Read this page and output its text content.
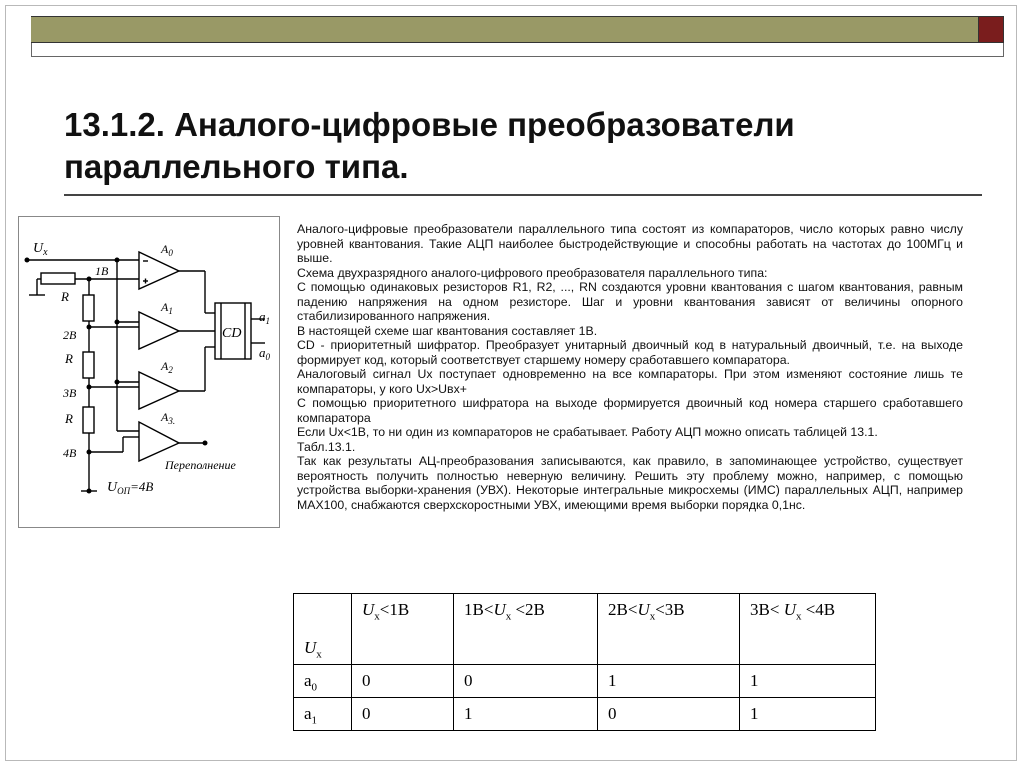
13.1.2. Аналого-цифровые преобразователи
параллельного типа.
$U_x$
1В
R
2В
R
3В
R
4В
$A_0$
$A_1$
$A_2$
$A_{3.}$
CD
$a_1$
$a_0$
Переполнение
$U_{ОП}=4В$

Аналого-цифровые преобразователи параллельного типа состоят из компараторов, число которых равно числу уровней квантования. Такие АЦП наиболее быстродействующие и способны работать на частотах до 100МГц и выше.

Схема двухразрядного аналого-цифрового преобразователя параллельного типа:

С помощью одинаковых резисторов R1, R2, ..., RN создаются уровни квантования с шагом квантования, равным падению напряжения на одном резисторе. Шаг и уровни квантования зависят от величины опорного стабилизированного напряжения.

В настоящей схеме шаг квантования составляет 1В.

CD - приоритетный шифратор. Преобразует унитарный двоичный код в натуральный двоичный, т.е. на выходе формирует код, который соответствует старшему номеру сработавшего компаратора.

Аналоговый сигнал Ux поступает одновременно на все компараторы. При этом изменяют состояние лишь те компараторы, у кого Ux>Uвх+

С помощью приоритетного шифратора на выходе формируется двоичный код номера старшего сработавшего компаратора

Если Ux<1В, то ни один из компараторов не срабатывает. Работу АЦП можно описать таблицей 13.1.

Табл.13.1.

Так как результаты АЦ-преобразования записываются, как правило, в запоминающее устройство, существует вероятность получить полностью неверную величину. Решить эту проблему можно, например, с помощью устройства выборки-хранения (УВХ). Некоторые интегральные микросхемы (ИМС) параллельных АЦП, например MAX100, снабжаются сверхскоростными УВХ, имеющими время выборки порядка 0,1нс.

$U_x$	$U_x<1В$	$1В<U_x <2В$	$2В<U_x<3В$	$3В< U_x <4В$
$a_0$	0	0	1	1
$a_1$	0	1	0	1
